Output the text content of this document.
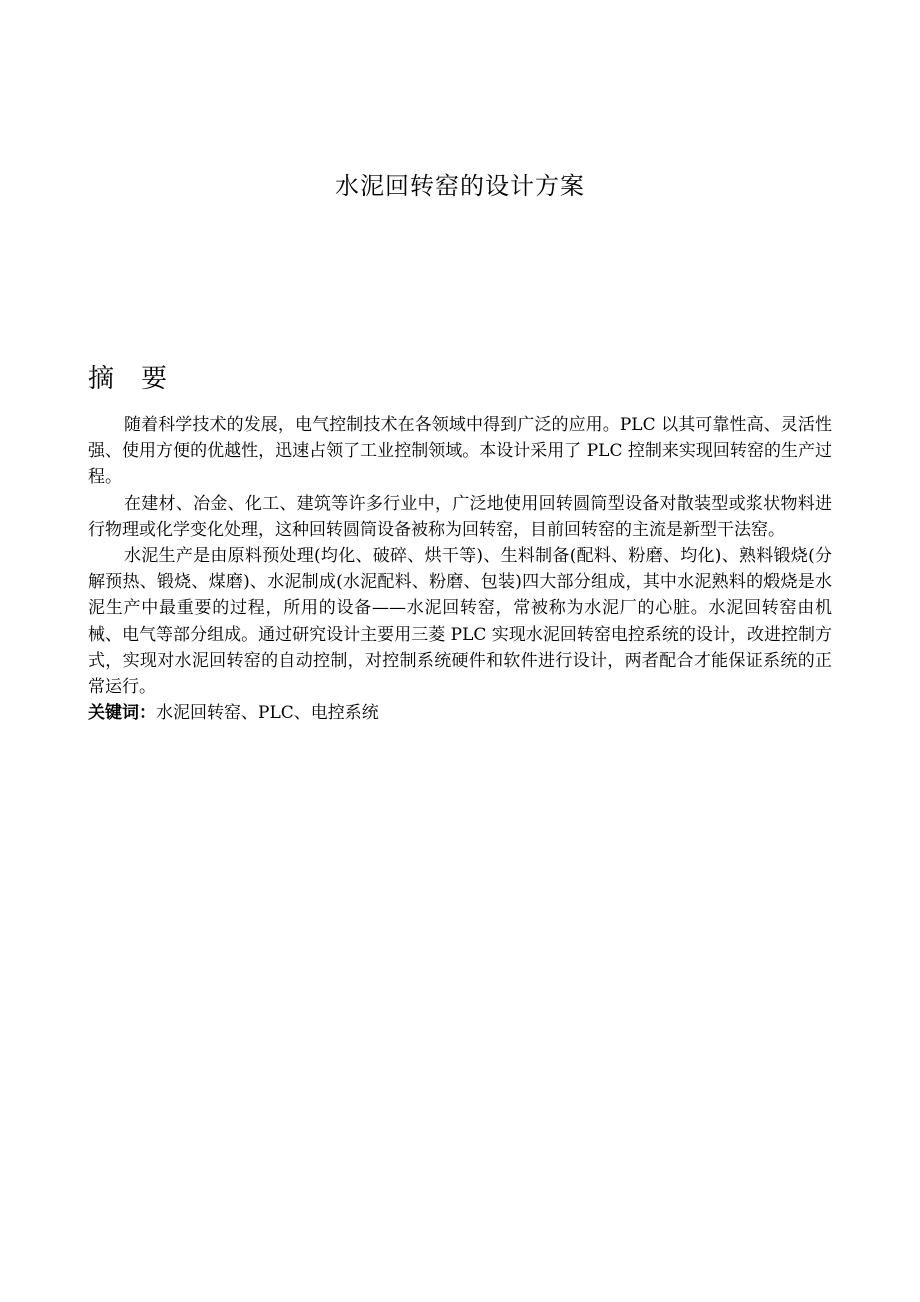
水泥回转窑的设计方案
摘 要

随着科学技术的发展，电气控制技术在各领域中得到广泛的应用。PLC 以其可靠性高、灵活性强、使用方便的优越性，迅速占领了工业控制领域。本设计采用了 PLC 控制来实现回转窑的生产过程。

在建材、冶金、化工、建筑等许多行业中，广泛地使用回转圆筒型设备对散装型或浆状物料进行物理或化学变化处理，这种回转圆筒设备被称为回转窑，目前回转窑的主流是新型干法窑。

水泥生产是由原料预处理(均化、破碎、烘干等)、生料制备(配料、粉磨、均化)、熟料锻烧(分解预热、锻烧、煤磨)、水泥制成(水泥配料、粉磨、包装)四大部分组成，其中水泥熟料的煅烧是水泥生产中最重要的过程，所用的设备——水泥回转窑，常被称为水泥厂的心脏。水泥回转窑由机械、电气等部分组成。通过研究设计主要用三菱 PLC 实现水泥回转窑电控系统的设计，改进控制方式，实现对水泥回转窑的自动控制，对控制系统硬件和软件进行设计，两者配合才能保证系统的正常运行。

关键词：水泥回转窑、PLC、电控系统
